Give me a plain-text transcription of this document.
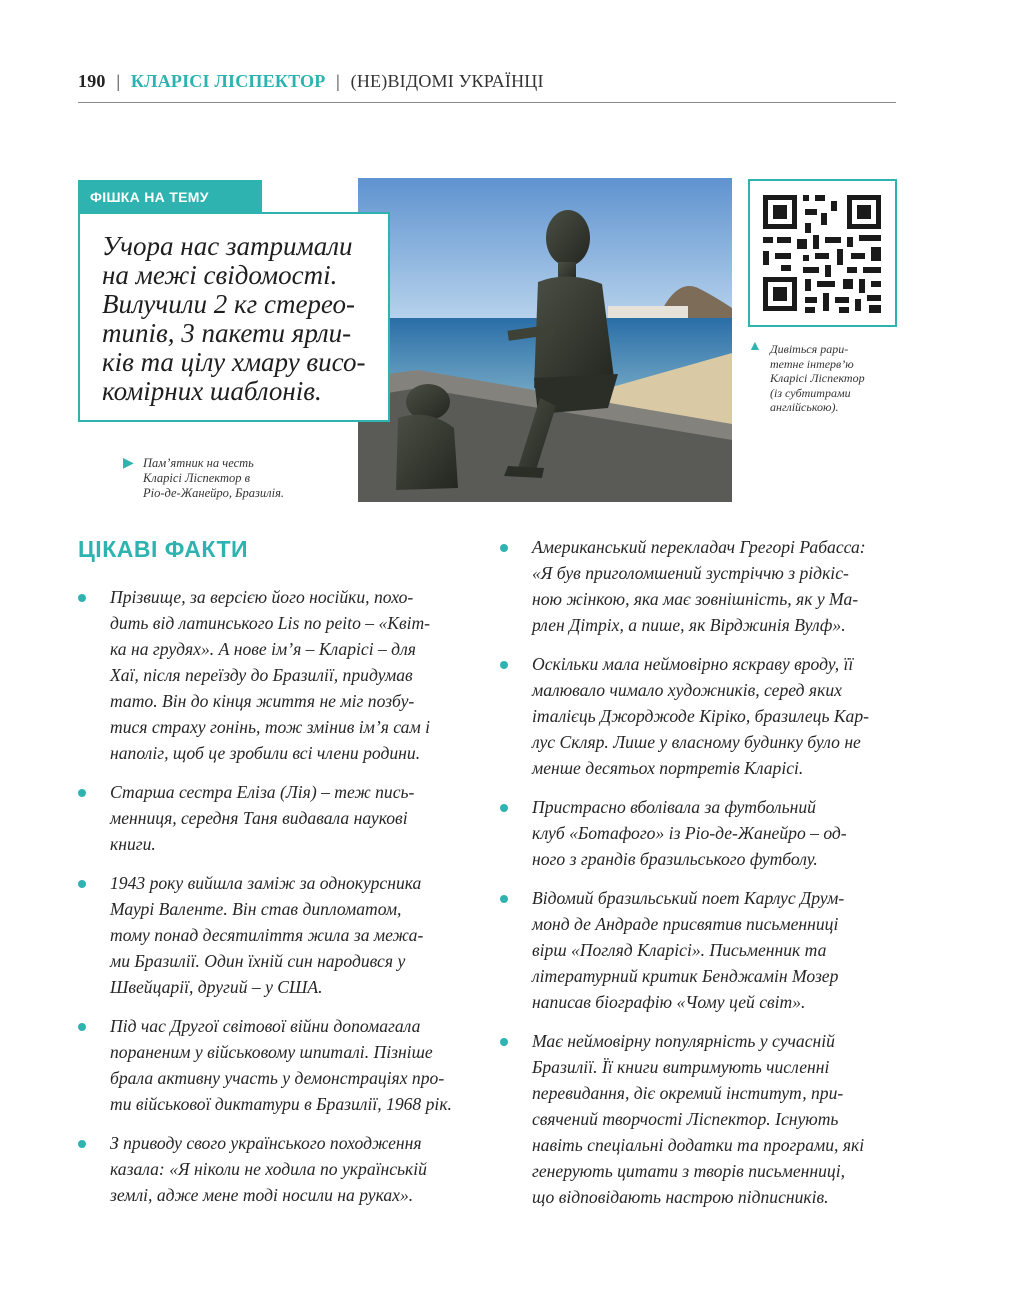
190 | КЛАРІСІ ЛІСПЕКТОР | (НЕ)ВІДОМІ УКРАЇНЦІ
ФІШКА НА ТЕМУ
Учора нас затримали
на межі свідомості.
Вилучили 2 кг стерео-
типів, 3 пакети ярли-
ків та цілу хмару висо-
комірних шаблонів.
▶ Пам’ятник на честь
Кларісі Ліспектор в
Ріо-де-Жанейро, Бразилія.
▲ Дивіться рари-
тетне інтерв’ю
Кларісі Ліспектор
(із субтитрами
англійською).
ЦІКАВІ ФАКТИ
Прізвище, за версією його носійки, похо-
дить від латинського Lis no peito – «Квіт-
ка на грудях». А нове ім’я – Кларісі – для
Хаї, після переїзду до Бразилії, придумав
тато. Він до кінця життя не міг позбу-
тися страху гонінь, тож змінив ім’я сам і
наполіг, щоб це зробили всі члени родини.
Старша сестра Еліза (Лія) – теж пись-
менниця, середня Таня видавала наукові
книги.
1943 року вийшла заміж за однокурсника
Маурі Валенте. Він став дипломатом,
тому понад десятиліття жила за межа-
ми Бразилії. Один їхній син народився у
Швейцарії, другий – у США.
Під час Другої світової війни допомагала
пораненим у військовому шпиталі. Пізніше
брала активну участь у демонстраціях про-
ти військової диктатури в Бразилії, 1968 рік.
З приводу свого українського походження
казала: «Я ніколи не ходила по українській
землі, адже мене тоді носили на руках».
Американський перекладач Грегорі Рабасса:
«Я був приголомшений зустріччю з рідкіс-
ною жінкою, яка має зовнішність, як у Ма-
рлен Дітріх, а пише, як Вірджинія Вулф».
Оскільки мала неймовірно яскраву вроду, її
малювало чимало художників, серед яких
італієць Джорджоде Кіріко, бразилець Кар-
лус Скляр. Лише у власному будинку було не
менше десятьох портретів Кларісі.
Пристрасно вболівала за футбольний
клуб «Ботафого» із Ріо-де-Жанейро – од-
ного з грандів бразильського футболу.
Відомий бразильський поет Карлус Друм-
монд де Андраде присвятив письменниці
вірш «Погляд Кларісі». Письменник та
літературний критик Бенджамін Мозер
написав біографію «Чому цей світ».
Має неймовірну популярність у сучасній
Бразилії. Її книги витримують численні
перевидання, діє окремий інститут, при-
свячений творчості Ліспектор. Існують
навіть спеціальні додатки та програми, які
генерують цитати з творів письменниці,
що відповідають настрою підписників.
